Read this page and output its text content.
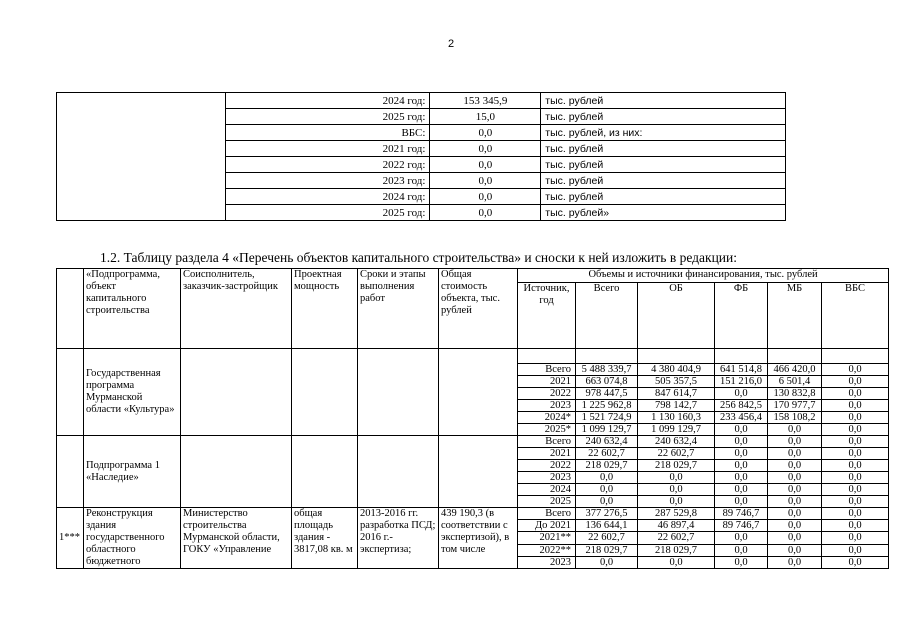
2
	2024 год:	153 345,9	тыс. рублей
	2025 год:	15,0	тыс. рублей
	ВБС:	0,0	тыс. рублей, из них:
	2021 год:	0,0	тыс. рублей
	2022 год:	0,0	тыс. рублей
	2023 год:	0,0	тыс. рублей
	2024 год:	0,0	тыс. рублей
	2025 год:	0,0	тыс. рублей»
1.2. Таблицу раздела 4 «Перечень объектов капитального строительства» и сноски к ней изложить в редакции:
	«Подпрограмма, объект капитального строительства	Соисполнитель, заказчик-застройщик	Проектная мощность	Сроки и этапы выполнения работ	Общая стоимость объекта, тыс. рублей	Объемы и источники финансирования, тыс. рублей					
						Источник, год	Всего	ОБ	ФБ	МБ	ВБС
	Государственная программа Мурманской области «Культура»										
						Всего	5 488 339,7	4 380 404,9	641 514,8	466 420,0	0,0
						2021	663 074,8	505 357,5	151 216,0	6 501,4	0,0
						2022	978 447,5	847 614,7	0,0	130 832,8	0,0
						2023	1 225 962,8	798 142,7	256 842,5	170 977,7	0,0
						2024*	1 521 724,9	1 130 160,3	233 456,4	158 108,2	0,0
						2025*	1 099 129,7	1 099 129,7	0,0	0,0	0,0
	Подпрограмма 1 «Наследие»					Всего	240 632,4	240 632,4	0,0	0,0	0,0
						2021	22 602,7	22 602,7	0,0	0,0	0,0
						2022	218 029,7	218 029,7	0,0	0,0	0,0
						2023	0,0	0,0	0,0	0,0	0,0
						2024	0,0	0,0	0,0	0,0	0,0
						2025	0,0	0,0	0,0	0,0	0,0
1***	Реконструкция здания государственного областного бюджетного	Министерство строительства Мурманской области, ГОКУ «Управление	общая площадь здания - 3817,08 кв. м	2013-2016 гг. разработка ПСД; 2016 г.- экспертиза;	439 190,3 (в соответствии с экспертизой), в том числе	Всего	377 276,5	287 529,8	89 746,7	0,0	0,0
						До 2021	136 644,1	46 897,4	89 746,7	0,0	0,0
						2021**	22 602,7	22 602,7	0,0	0,0	0,0
						2022**	218 029,7	218 029,7	0,0	0,0	0,0
						2023	0,0	0,0	0,0	0,0	0,0
